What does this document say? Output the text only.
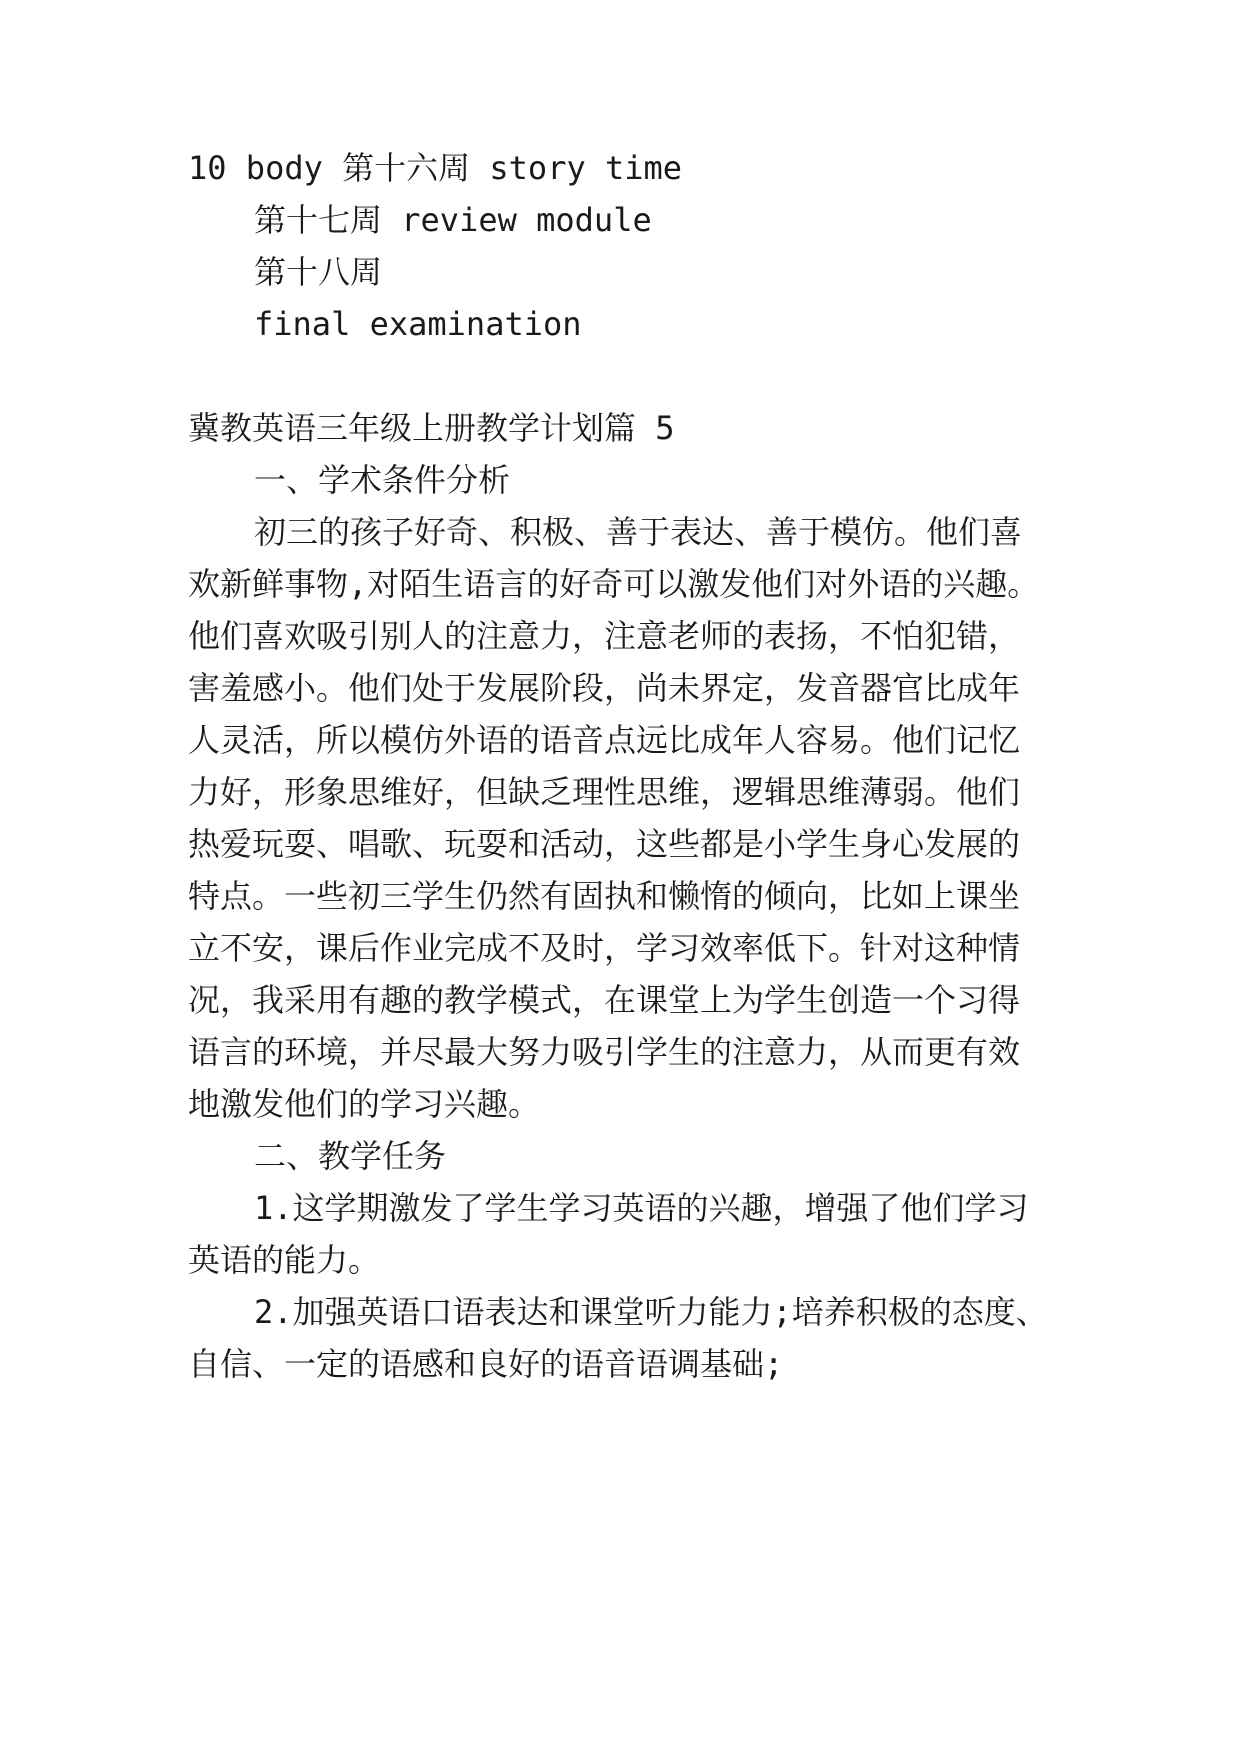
10 body 第十六周 story time
第十七周 review module
第十八周
final examination
冀教英语三年级上册教学计划篇 5
一、学术条件分析
初三的孩子好奇、积极、善于表达、善于模仿。他们喜
欢新鲜事物,对陌生语言的好奇可以激发他们对外语的兴趣。
他们喜欢吸引别人的注意力，注意老师的表扬，不怕犯错，
害羞感小。他们处于发展阶段，尚未界定，发音器官比成年
人灵活，所以模仿外语的语音点远比成年人容易。他们记忆
力好，形象思维好，但缺乏理性思维，逻辑思维薄弱。他们
热爱玩耍、唱歌、玩耍和活动，这些都是小学生身心发展的
特点。一些初三学生仍然有固执和懒惰的倾向，比如上课坐
立不安，课后作业完成不及时，学习效率低下。针对这种情
况，我采用有趣的教学模式，在课堂上为学生创造一个习得
语言的环境，并尽最大努力吸引学生的注意力，从而更有效
地激发他们的学习兴趣。
二、教学任务
1.这学期激发了学生学习英语的兴趣，增强了他们学习
英语的能力。
2.加强英语口语表达和课堂听力能力;培养积极的态度、
自信、一定的语感和良好的语音语调基础;
